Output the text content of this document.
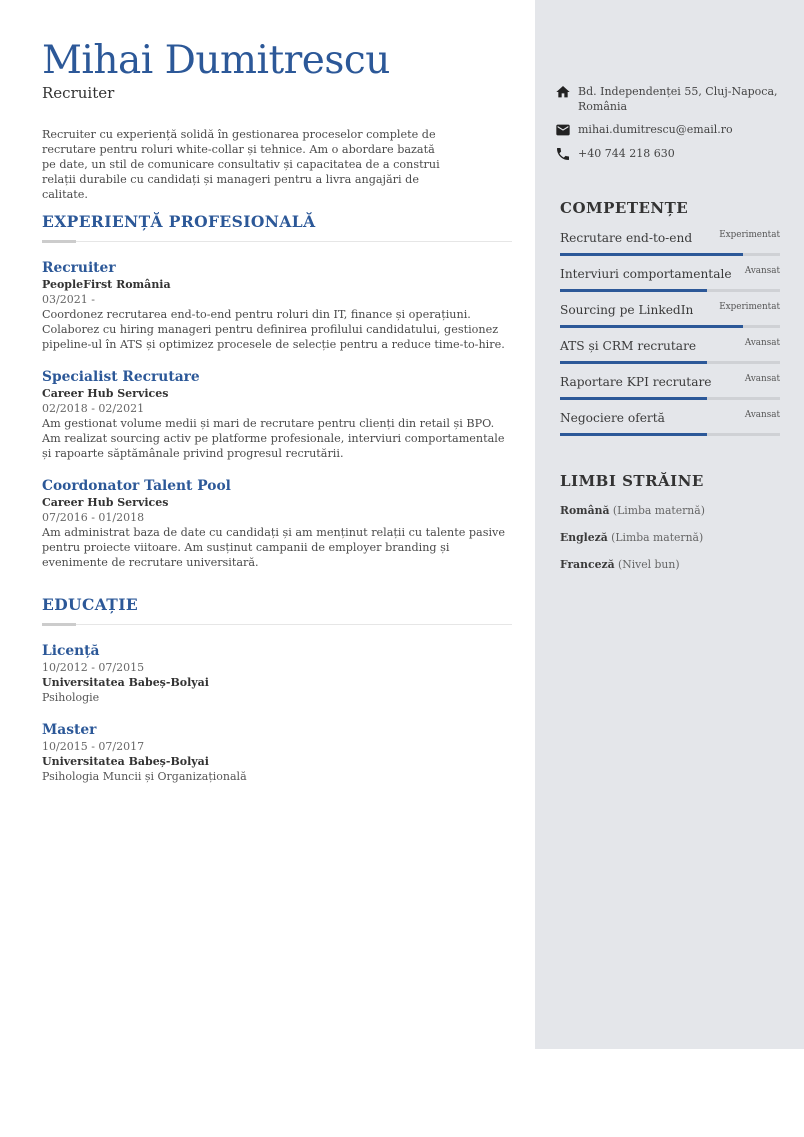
Mihai Dumitrescu
Recruiter

Recruiter cu experiență solidă în gestionarea proceselor complete de recrutare pentru roluri white-collar și tehnice. Am o abordare bazată pe date, un stil de comunicare consultativ și capacitatea de a construi relații durabile cu candidați și manageri pentru a livra angajări de calitate.

EXPERIENȚĂ PROFESIONALĂ
Recruiter
PeopleFirst România
03/2021 -
Coordonez recrutarea end-to-end pentru roluri din IT, finance și operațiuni. Colaborez cu hiring manageri pentru definirea profilului candidatului, gestionez pipeline-ul în ATS și optimizez procesele de selecție pentru a reduce time-to-hire.
Specialist Recrutare
Career Hub Services
02/2018 - 02/2021
Am gestionat volume medii și mari de recrutare pentru clienți din retail și BPO. Am realizat sourcing activ pe platforme profesionale, interviuri comportamentale și rapoarte săptămânale privind progresul recrutării.
Coordonator Talent Pool
Career Hub Services
07/2016 - 01/2018
Am administrat baza de date cu candidați și am menținut relații cu talente pasive pentru proiecte viitoare. Am susținut campanii de employer branding și evenimente de recrutare universitară.
EDUCAȚIE
Licență
10/2012 - 07/2015
Universitatea Babeș-Bolyai
Psihologie
Master
10/2015 - 07/2017
Universitatea Babeș-Bolyai
Psihologia Muncii și Organizațională
Bd. Independenței 55, Cluj-Napoca, România
mihai.dumitrescu@email.ro
+40 744 218 630
COMPETENȚE
Recrutare end-to-end	Experimentat
Interviuri comportamentale Avansat
Sourcing pe LinkedIn	Experimentat
ATS și CRM recrutare	Avansat
Raportare KPI recrutare	Avansat
Negociere ofertă	Avansat
LIMBI STRĂINE
Română (Limba maternă)
Engleză (Limba maternă)
Franceză (Nivel bun)
